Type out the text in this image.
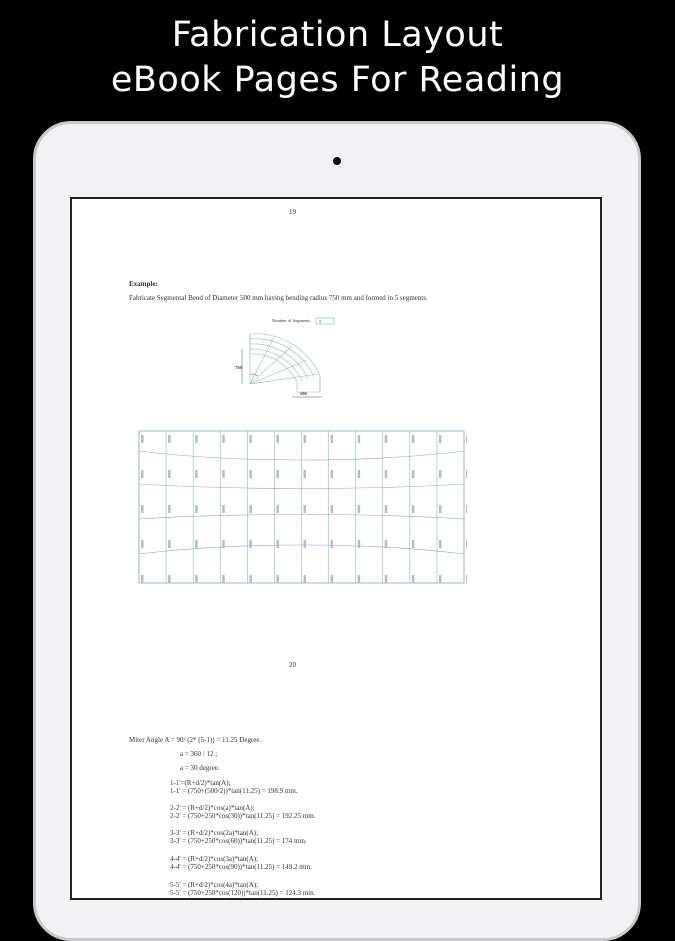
Fabrication Layout
eBook Pages For Reading
19
Example:
Fabricate Segmental Bend of Diameter 500 mm having bending radius 750 mm and formed in 5 segments.
Number of Segments 5
750
500
20
Miter Angle A = 90/ (2* (5-1)) = 11.25 Degree.
a = 360 / 12 ;
a = 30 degree.
1-1'=(R+d/2)*tan(A);
1-1' = (750+(500/2))*tan(11.25) = 198.9 mm.
2-2' = (R+d/2)*cos(a)*tan(A);
2-2' = (750+250*cos(30))*tan(11.25) = 192.25 mm.
3-3' = (R+d/2)*cos(2a)*tan(A);
3-3' = (750+250*cos(60))*tan(11.25) = 174 mm.
4-4' = (R+d/2)*cos(3a)*tan(A);
4-4' = (750+250*cos(90))*tan(11.25) = 149.2 mm.
5-5' = (R+d/2)*cos(4a)*tan(A);
5-5' = (750+250*cos(120))*tan(11.25) = 124.3 mm.
